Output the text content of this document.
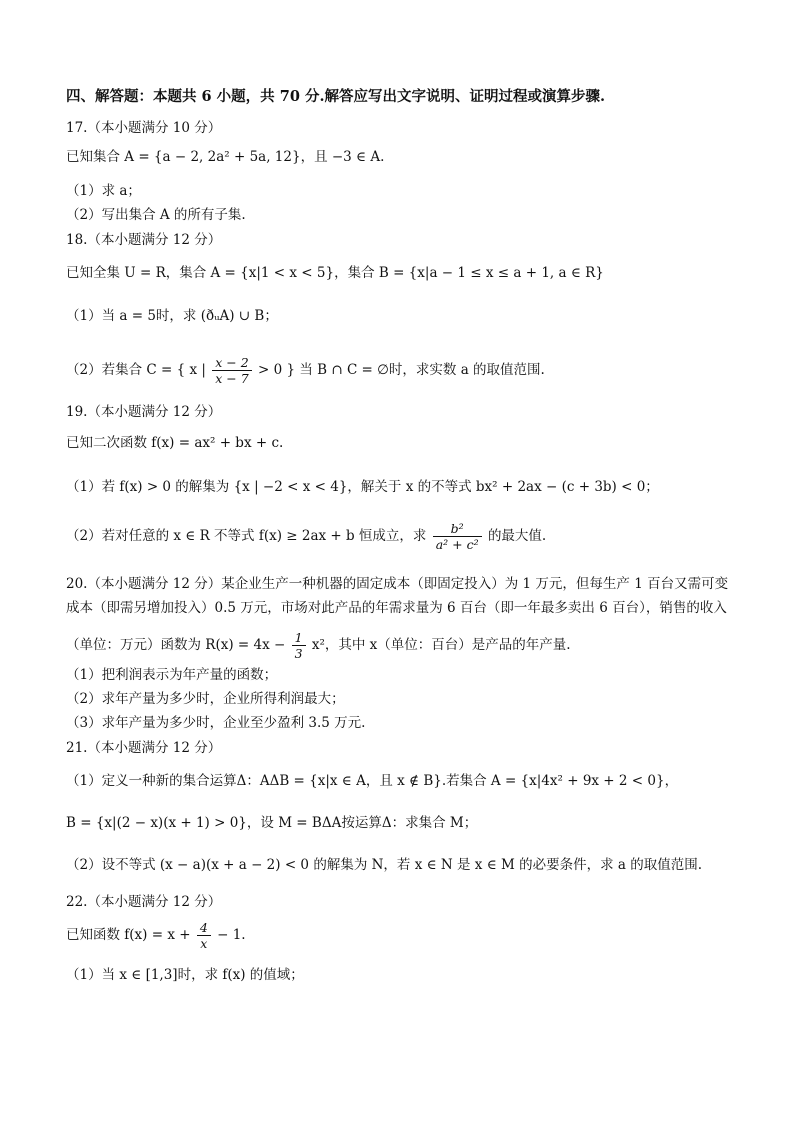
四、解答题：本题共 6 小题，共 70 分.解答应写出文字说明、证明过程或演算步骤.
17.（本小题满分 10 分）
已知集合 A = {a − 2, 2a² + 5a, 12}，且 −3 ∈ A.
（1）求 a；
（2）写出集合 A 的所有子集.
18.（本小题满分 12 分）
已知全集 U = R，集合 A = {x|1 < x < 5}，集合 B = {x|a − 1 ≤ x ≤ a + 1, a ∈ R}
（1）当 a = 5时，求 (ðᵤA) ∪ B；
（2）若集合 C = { x | $\frac{x - 2}{x - 7} > 0$ } 当 B ∩ C = ∅时，求实数 a 的取值范围.
19.（本小题满分 12 分）
已知二次函数 f(x) = ax² + bx + c.
（1）若 f(x) > 0 的解集为 {x | −2 < x < 4}，解关于 x 的不等式 bx² + 2ax − (c + 3b) < 0；
（2）若对任意的 x ∈ R 不等式 f(x) ≥ 2ax + b 恒成立，求 $\frac{\text{b²}}{\text{a² + c²}}$ 的最大值.
20.（本小题满分 12 分）某企业生产一种机器的固定成本（即固定投入）为 1 万元，但每生产 1 百台又需可变
成本（即需另增加投入）0.5 万元，市场对此产品的年需求量为 6 百台（即一年最多卖出 6 百台），销售的收入
（单位：万元）函数为 $R(x) = 4x - \frac{1}{3} x^2$，其中 x（单位：百台）是产品的年产量.
（1）把利润表示为年产量的函数；
（2）求年产量为多少时，企业所得利润最大；
（3）求年产量为多少时，企业至少盈利 3.5 万元.
21.（本小题满分 12 分）
（1）定义一种新的集合运算Δ：AΔB = {x|x ∈ A，且 x ∉ B}.若集合 A = {x|4x² + 9x + 2 < 0}，
B = {x|(2 − x)(x + 1) > 0}，设 M = BΔA按运算Δ：求集合 M；
（2）设不等式 (x − a)(x + a − 2) < 0 的解集为 N，若 x ∈ N 是 x ∈ M 的必要条件，求 a 的取值范围.
22.（本小题满分 12 分）
已知函数 $f(x) = x + \frac{4}{x} - 1$.
（1）当 x ∈ [1,3]时，求 f(x) 的值域；
